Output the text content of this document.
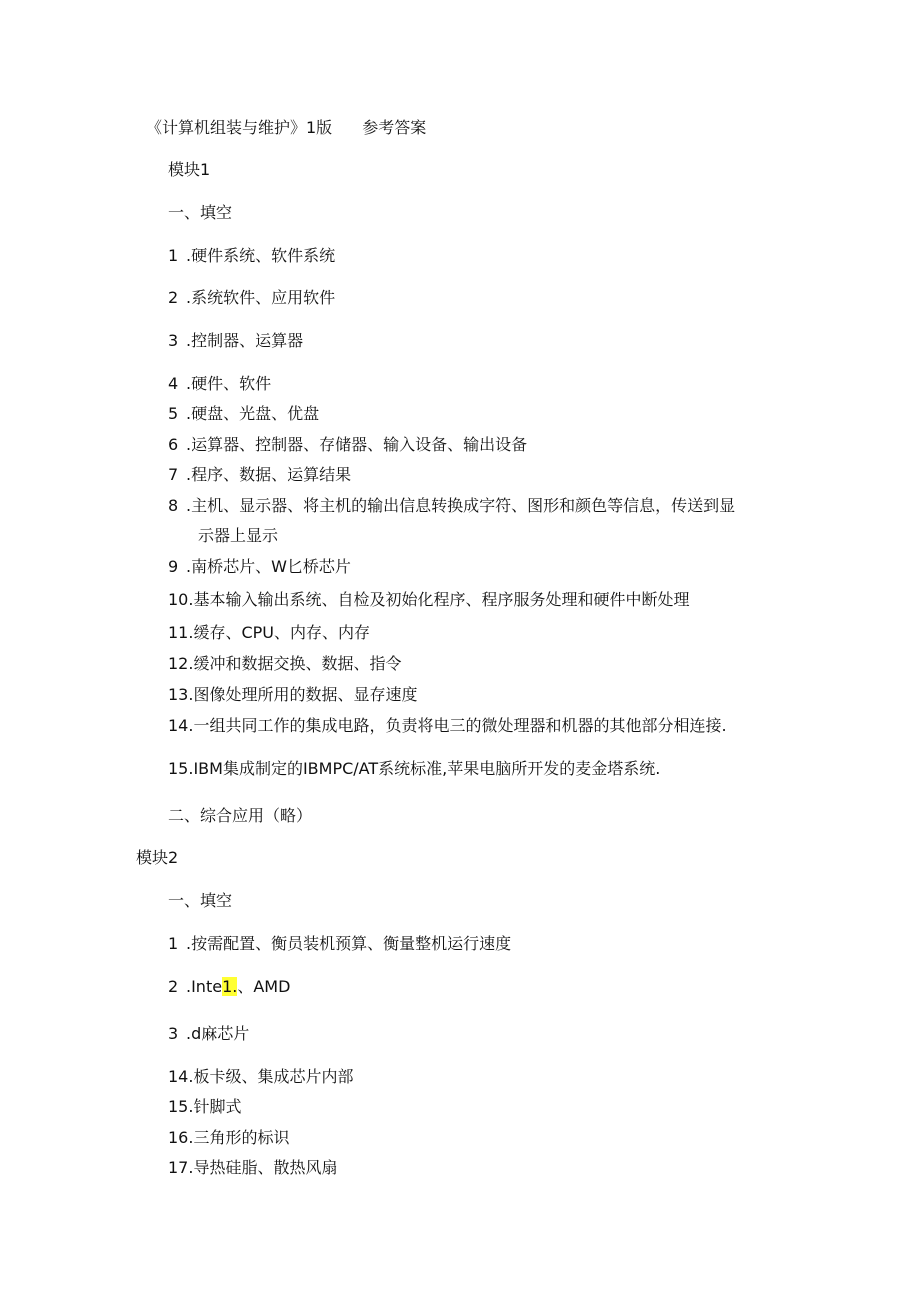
《计算机组装与维护》1版 参考答案
模块1
一、填空
1 .硬件系统、软件系统
2 .系统软件、应用软件
3 .控制器、运算器
4 .硬件、软件
5 .硬盘、光盘、优盘
6 .运算器、控制器、存储器、输入设备、输出设备
7 .程序、数据、运算结果
8 .主机、显示器、将主机的输出信息转换成字符、图形和颜色等信息，传送到显
示器上显示
9 .南桥芯片、W匕桥芯片
10.基本输入输出系统、自检及初始化程序、程序服务处理和硬件中断处理
11.缓存、CPU、内存、内存
12.缓冲和数据交换、数据、指令
13.图像处理所用的数据、显存速度
14.一组共同工作的集成电路，负责将电三的微处理器和机器的其他部分相连接.
15.IBM集成制定的IBMPC/AT系统标准,苹果电脑所开发的麦金塔系统.
二、综合应用（略）
模块2
一、填空
1 .按需配置、衡员装机预算、衡量整机运行速度
2 .Inte1.、AMD
3 .d麻芯片
14.板卡级、集成芯片内部
15.针脚式
16.三角形的标识
17.导热硅脂、散热风扇
